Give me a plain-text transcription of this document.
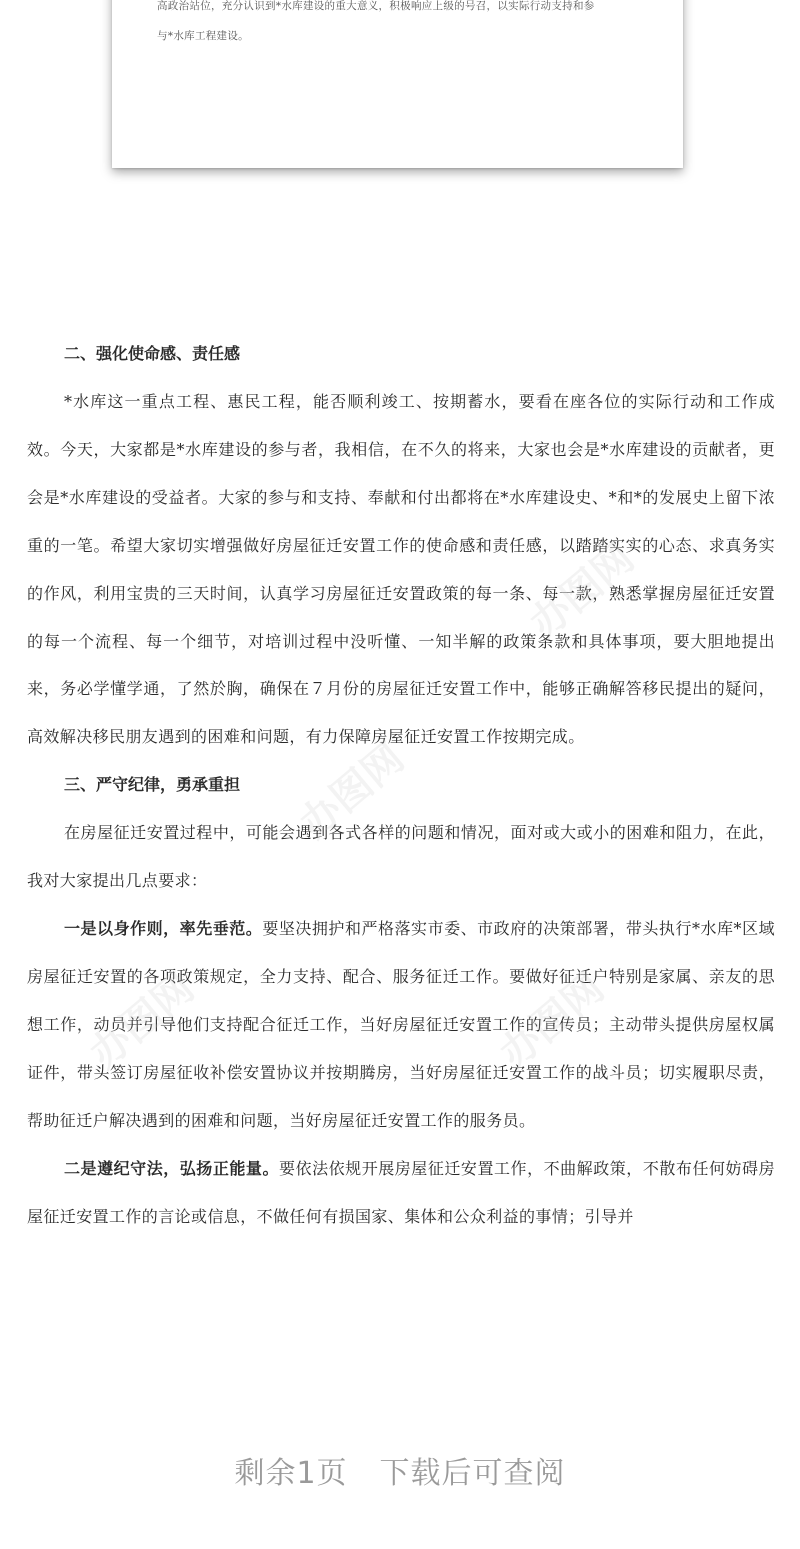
高政治站位，充分认识到*水库建设的重大意义，积极响应上级的号召，以实际行动支持和参
与*水库工程建设。
二、强化使命感、责任感

*水库这一重点工程、惠民工程，能否顺利竣工、按期蓄水，要看在座各位的实际行动和工作成效。今天，大家都是*水库建设的参与者，我相信，在不久的将来，大家也会是*水库建设的贡献者，更会是*水库建设的受益者。大家的参与和支持、奉献和付出都将在*水库建设史、*和*的发展史上留下浓重的一笔。希望大家切实增强做好房屋征迁安置工作的使命感和责任感，以踏踏实实的心态、求真务实的作风，利用宝贵的三天时间，认真学习房屋征迁安置政策的每一条、每一款，熟悉掌握房屋征迁安置的每一个流程、每一个细节，对培训过程中没听懂、一知半解的政策条款和具体事项，要大胆地提出来，务必学懂学通，了然於胸，确保在７月份的房屋征迁安置工作中，能够正确解答移民提出的疑问，高效解决移民朋友遇到的困难和问题，有力保障房屋征迁安置工作按期完成。

三、严守纪律，勇承重担

在房屋征迁安置过程中，可能会遇到各式各样的问题和情况，面对或大或小的困难和阻力，在此，我对大家提出几点要求：

一是以身作则，率先垂范。要坚决拥护和严格落实市委、市政府的决策部署，带头执行*水库*区域房屋征迁安置的各项政策规定，全力支持、配合、服务征迁工作。要做好征迁户特别是家属、亲友的思想工作，动员并引导他们支持配合征迁工作，当好房屋征迁安置工作的宣传员；主动带头提供房屋权属证件，带头签订房屋征收补偿安置协议并按期腾房，当好房屋征迁安置工作的战斗员；切实履职尽责，帮助征迁户解决遇到的困难和问题，当好房屋征迁安置工作的服务员。

二是遵纪守法，弘扬正能量。要依法依规开展房屋征迁安置工作，不曲解政策，不散布任何妨碍房屋征迁安置工作的言论或信息，不做任何有损国家、集体和公众利益的事情；引导并

办图网
办图网
办图网
办图网
剩余1页 下载后可查阅
